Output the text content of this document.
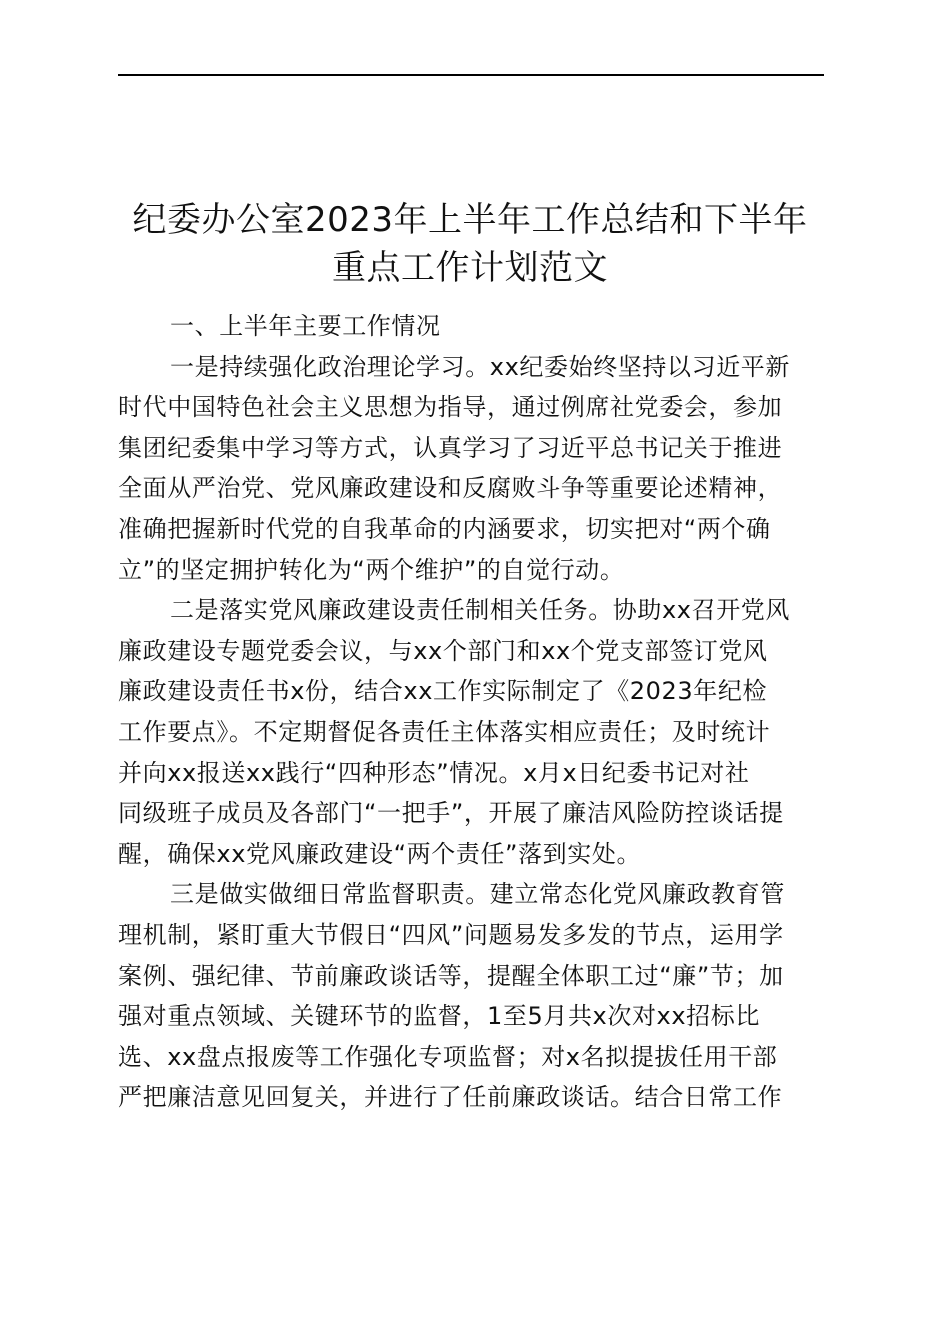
纪委办公室2023年上半年工作总结和下半年
重点工作计划范文
一、上半年主要工作情况
一是持续强化政治理论学习。xx纪委始终坚持以习近平新
时代中国特色社会主义思想为指导，通过例席社党委会，参加
集团纪委集中学习等方式，认真学习了习近平总书记关于推进
全面从严治党、党风廉政建设和反腐败斗争等重要论述精神，
准确把握新时代党的自我革命的内涵要求，切实把对“两个确
立”的坚定拥护转化为“两个维护”的自觉行动。
二是落实党风廉政建设责任制相关任务。协助xx召开党风
廉政建设专题党委会议，与xx个部门和xx个党支部签订党风
廉政建设责任书x份，结合xx工作实际制定了《2023年纪检
工作要点》。不定期督促各责任主体落实相应责任；及时统计
并向xx报送xx践行“四种形态”情况。x月x日纪委书记对社
同级班子成员及各部门“一把手”，开展了廉洁风险防控谈话提
醒，确保xx党风廉政建设“两个责任”落到实处。
三是做实做细日常监督职责。建立常态化党风廉政教育管
理机制，紧盯重大节假日“四风”问题易发多发的节点，运用学
案例、强纪律、节前廉政谈话等，提醒全体职工过“廉”节；加
强对重点领域、关键环节的监督，1至5月共x次对xx招标比
选、xx盘点报废等工作强化专项监督；对x名拟提拔任用干部
严把廉洁意见回复关，并进行了任前廉政谈话。结合日常工作
